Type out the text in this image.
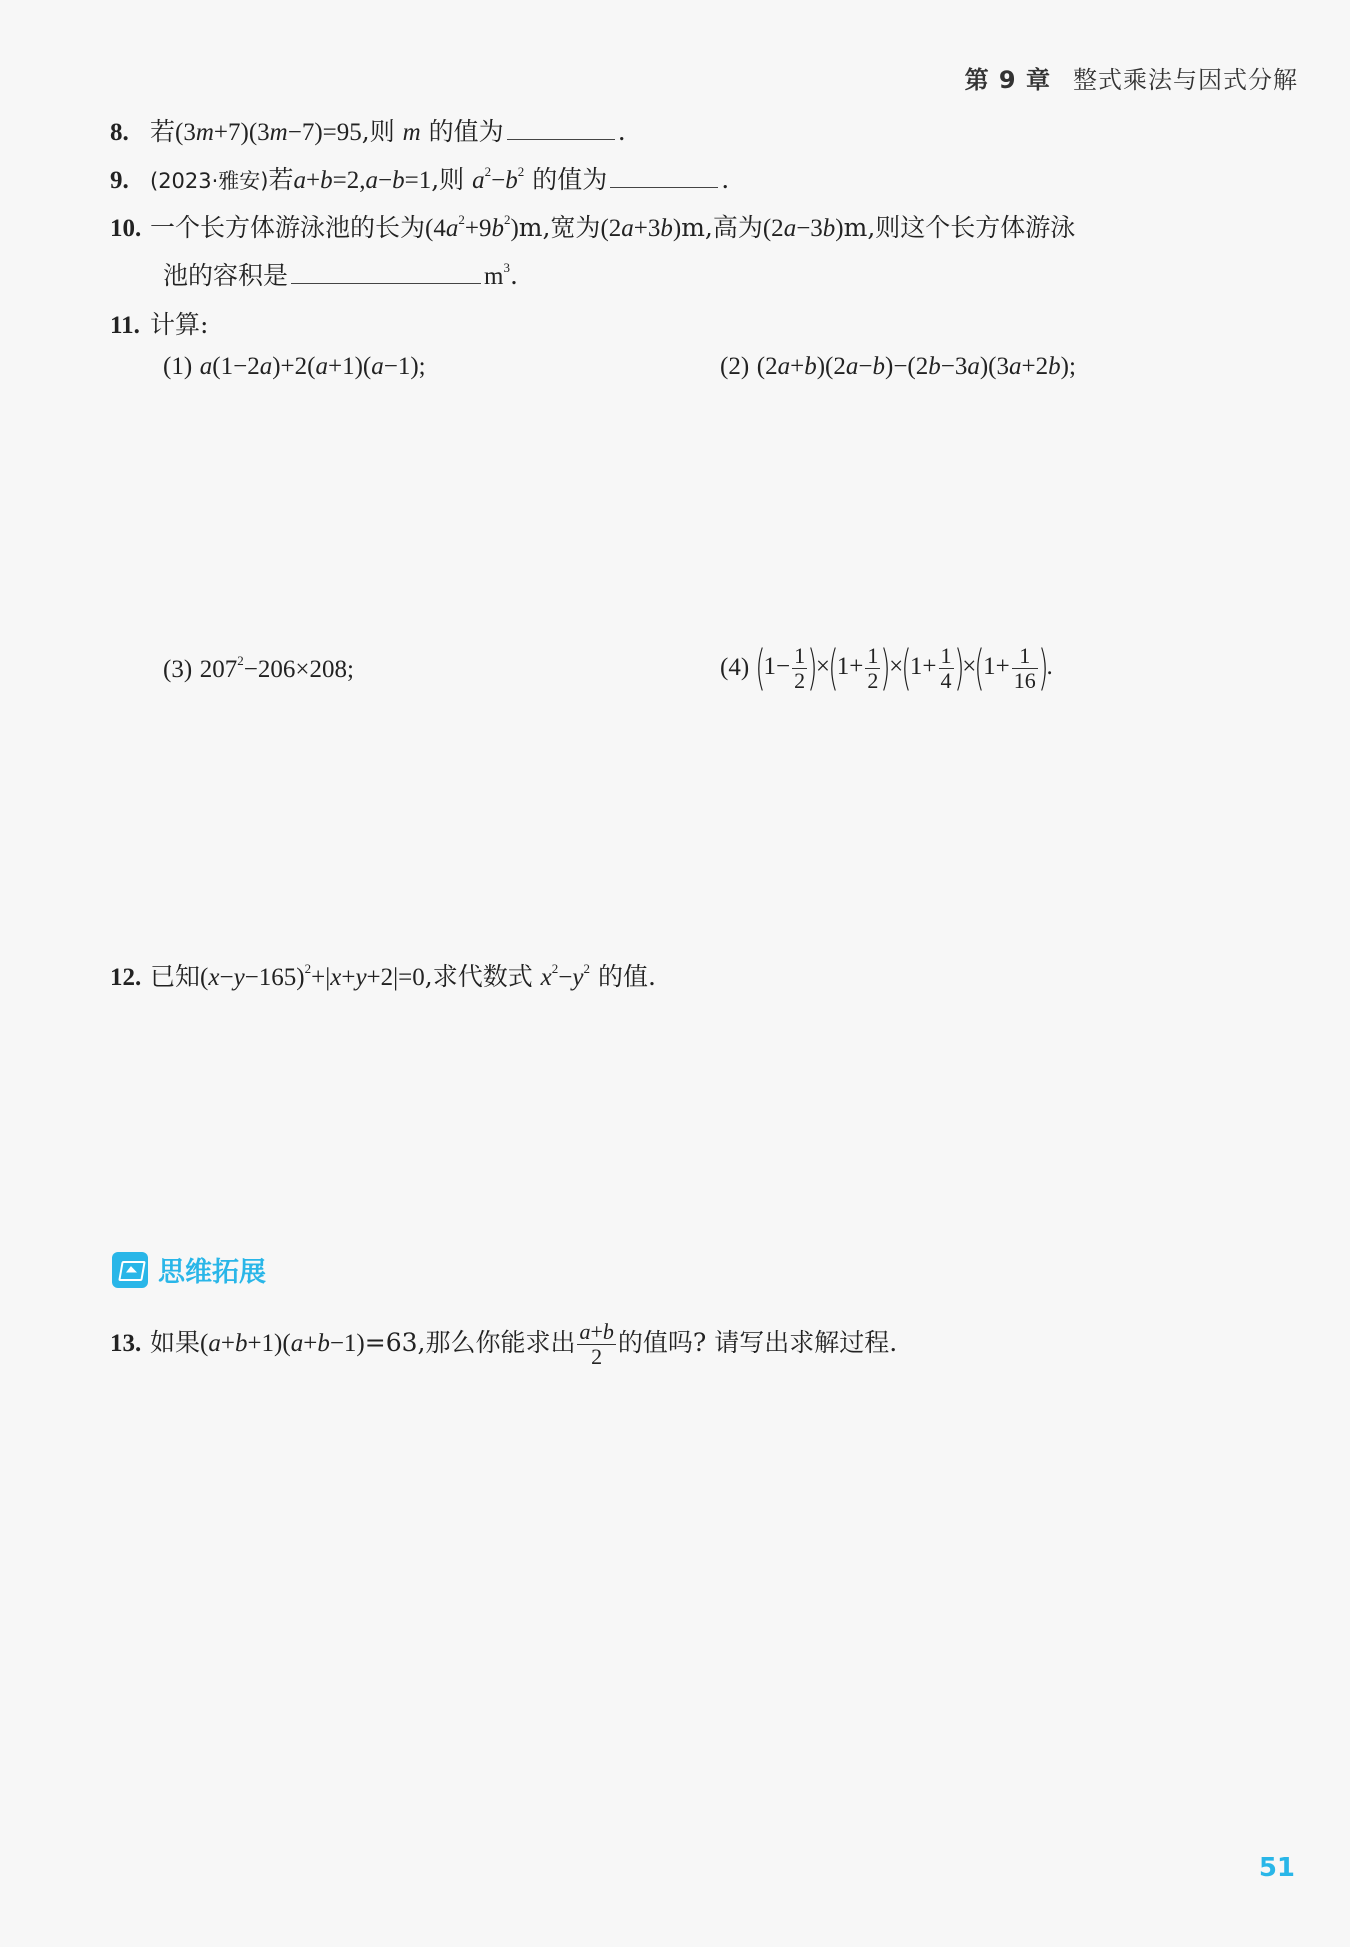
第 9 章 整式乘法与因式分解
8. 若(3m+7)(3m−7)=95,则 m 的值为	.
9. (2023·雅安)若a+b=2,a−b=1,则 $a^2-b^2$ 的值为	.
10. 一个长方体游泳池的长为$(4a^2+9b^2)m$,宽为(2a+3b)m,高为(2a−3b)m,则这个长方体游泳
池的容积是	$m^3$.
11. 计算:
(1) a(1−2a)+2(a+1)(a−1);	(2) (2a+b)(2a−b)−(2b−3a)(3a+2b);
(3) $207^2-206\times 208$;	(4) $(1- \frac{1}{2} )\times(1+ \frac{1}{2} )\times(1+ \frac{1}{4} )\times(1+ \frac{1}{16}$ ).
12. 已知$(x-y-165)^2+|x+y+2|=0$,求代数式 $x^2-y^2$ 的值.
思维拓展
13. 如果(a+b+1)(a+b−1)=63,那么你能求出 $\frac{a+b}{2}$ 的值吗? 请写出求解过程.
51
